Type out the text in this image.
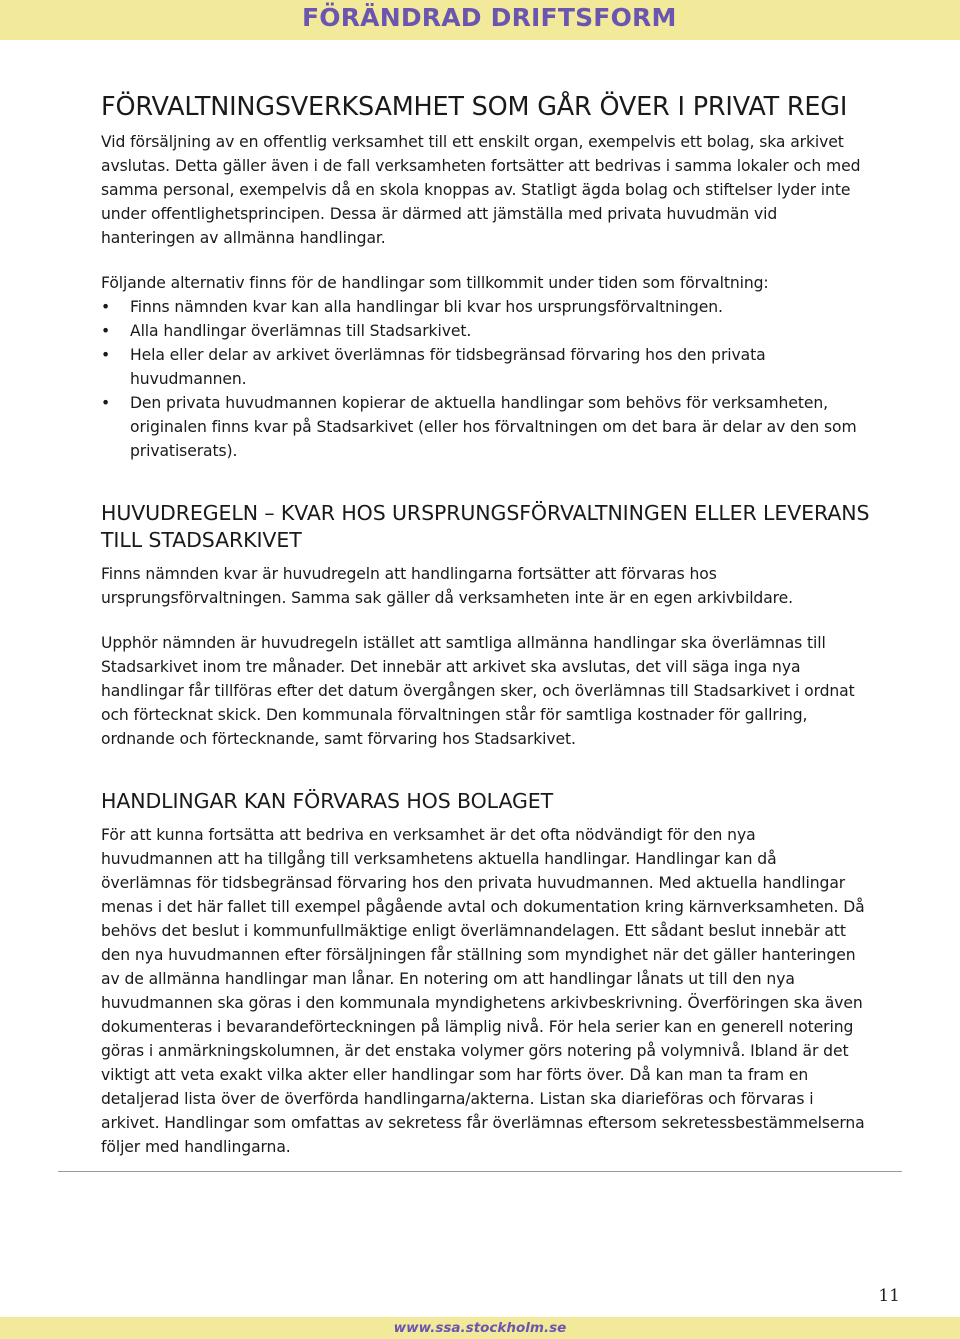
FÖRÄNDRAD DRIFTSFORM
FÖRVALTNINGSVERKSAMHET SOM GÅR ÖVER I PRIVAT REGI

Vid försäljning av en offentlig verksamhet till ett enskilt organ, exempelvis ett bolag, ska arkivet avslutas. Detta gäller även i de fall verksamheten fortsätter att bedrivas i samma lokaler och med samma personal, exempelvis då en skola knoppas av. Statligt ägda bolag och stiftelser lyder inte under offentlighetsprincipen. Dessa är därmed att jämställa med privata huvudmän vid hanteringen av allmänna handlingar.

Följande alternativ finns för de handlingar som tillkommit under tiden som förvaltning:

• Finns nämnden kvar kan alla handlingar bli kvar hos ursprungsförvaltningen.
• Alla handlingar överlämnas till Stadsarkivet.
• Hela eller delar av arkivet överlämnas för tidsbegränsad förvaring hos den privata huvudmannen.
• Den privata huvudmannen kopierar de aktuella handlingar som behövs för verksamheten, originalen finns kvar på Stadsarkivet (eller hos förvaltningen om det bara är delar av den som privatiserats).
HUVUDREGELN – KVAR HOS URSPRUNGSFÖRVALTNINGEN ELLER LEVERANS TILL STADSARKIVET

Finns nämnden kvar är huvudregeln att handlingarna fortsätter att förvaras hos ursprungsförvaltningen. Samma sak gäller då verksamheten inte är en egen arkivbildare.

Upphör nämnden är huvudregeln istället att samtliga allmänna handlingar ska överlämnas till Stadsarkivet inom tre månader. Det innebär att arkivet ska avslutas, det vill säga inga nya handlingar får tillföras efter det datum övergången sker, och överlämnas till Stadsarkivet i ordnat och förtecknat skick. Den kommunala förvaltningen står för samtliga kostnader för gallring, ordnande och förtecknande, samt förvaring hos Stadsarkivet.

HANDLINGAR KAN FÖRVARAS HOS BOLAGET

För att kunna fortsätta att bedriva en verksamhet är det ofta nödvändigt för den nya huvudmannen att ha tillgång till verksamhetens aktuella handlingar. Handlingar kan då överlämnas för tidsbegränsad förvaring hos den privata huvudmannen. Med aktuella handlingar menas i det här fallet till exempel pågående avtal och dokumentation kring kärnverksamheten. Då behövs det beslut i kommunfullmäktige enligt överlämnandelagen. Ett sådant beslut innebär att den nya huvudmannen efter försäljningen får ställning som myndighet när det gäller hanteringen av de allmänna handlingar man lånar. En notering om att handlingar lånats ut till den nya huvudmannen ska göras i den kommunala myndighetens arkivbeskrivning. Överföringen ska även dokumenteras i bevarandeförteckningen på lämplig nivå. För hela serier kan en generell notering göras i anmärkningskolumnen, är det enstaka volymer görs notering på volymnivå. Ibland är det viktigt att veta exakt vilka akter eller handlingar som har förts över. Då kan man ta fram en detaljerad lista över de överförda handlingarna/akterna. Listan ska diarieföras och förvaras i arkivet. Handlingar som omfattas av sekretess får överlämnas eftersom sekretessbestämmelserna följer med handlingarna.

11
www.ssa.stockholm.se
